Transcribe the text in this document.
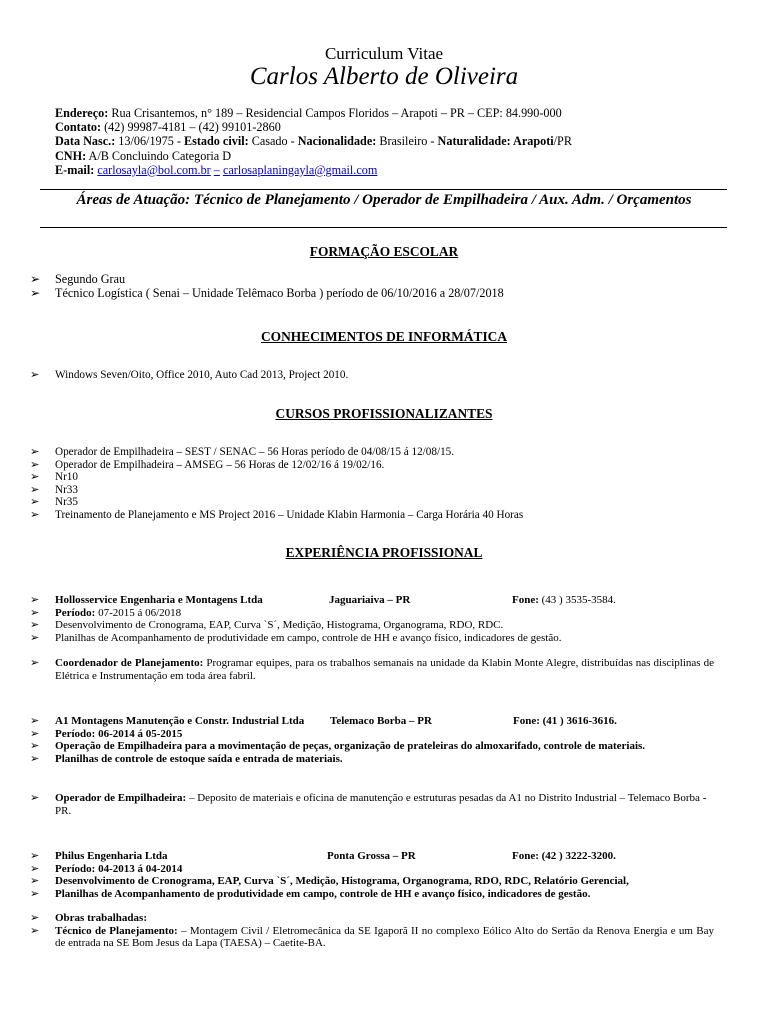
Curriculum Vitae
Carlos Alberto de Oliveira
Endereço: Rua Crisantemos, n° 189 – Residencial Campos Floridos – Arapoti – PR – CEP: 84.990-000
Contato: (42) 99987-4181 – (42) 99101-2860
Data Nasc.: 13/06/1975 - Estado civil: Casado - Nacionalidade: Brasileiro - Naturalidade: Arapoti/PR
CNH: A/B Concluindo Categoria D
E-mail: carlosayla@bol.com.br – carlosaplaningayla@gmail.com
Áreas de Atuação: Técnico de Planejamento / Operador de Empilhadeira / Aux. Adm. / Orçamentos
FORMAÇÃO ESCOLAR
➢ Segundo Grau
➢ Técnico Logística ( Senai – Unidade Telêmaco Borba ) período de 06/10/2016 a 28/07/2018
CONHECIMENTOS DE INFORMÁTICA
➢ Windows Seven/Oito, Office 2010, Auto Cad 2013, Project 2010.
CURSOS PROFISSIONALIZANTES
➢ Operador de Empilhadeira – SEST / SENAC – 56 Horas período de 04/08/15 á 12/08/15.
➢ Operador de Empilhadeira – AMSEG – 56 Horas de 12/02/16 á 19/02/16.
➢ Nr10
➢ Nr33
➢ Nr35
➢ Treinamento de Planejamento e MS Project 2016 – Unidade Klabin Harmonia – Carga Horária 40 Horas
EXPERIÊNCIA PROFISSIONAL
➢ Hollosservice Engenharia e Montagens Ltda	Jaguariaiva – PR	Fone: (43 ) 3535-3584.
➢ Período: 07-2015 á 06/2018
➢ Desenvolvimento de Cronograma, EAP, Curva `S´, Medição, Histograma, Organograma, RDO, RDC.
➢ Planilhas de Acompanhamento de produtividade em campo, controle de HH e avanço físico, indicadores de gestão.
➢ Coordenador de Planejamento: Programar equipes, para os trabalhos semanais na unidade da Klabin Monte Alegre, distribuídas nas disciplinas de Elétrica e Instrumentação em toda área fabril.
➢ A1 Montagens Manutenção e Constr. Industrial Ltda Telemaco Borba – PR	Fone: (41 ) 3616-3616.
➢ Período: 06-2014 á 05-2015
➢ Operação de Empilhadeira para a movimentação de peças, organização de prateleiras do almoxarifado, controle de materiais.
➢ Planilhas de controle de estoque saída e entrada de materiais.
➢ Operador de Empilhadeira: – Deposito de materiais e oficina de manutenção e estruturas pesadas da A1 no Distrito Industrial – Telemaco Borba - PR.
➢ Philus Engenharia Ltda	Ponta Grossa – PR	Fone: (42 ) 3222-3200.
➢ Período: 04-2013 á 04-2014
➢ Desenvolvimento de Cronograma, EAP, Curva `S´, Medição, Histograma, Organograma, RDO, RDC, Relatório Gerencial,
➢ Planilhas de Acompanhamento de produtividade em campo, controle de HH e avanço físico, indicadores de gestão.
➢ Obras trabalhadas:
➢ Técnico de Planejamento: – Montagem Civil / Eletromecânica da SE Igaporã II no complexo Eólico Alto do Sertão da Renova Energia e um Bay de entrada na SE Bom Jesus da Lapa (TAESA) – Caetite-BA.
